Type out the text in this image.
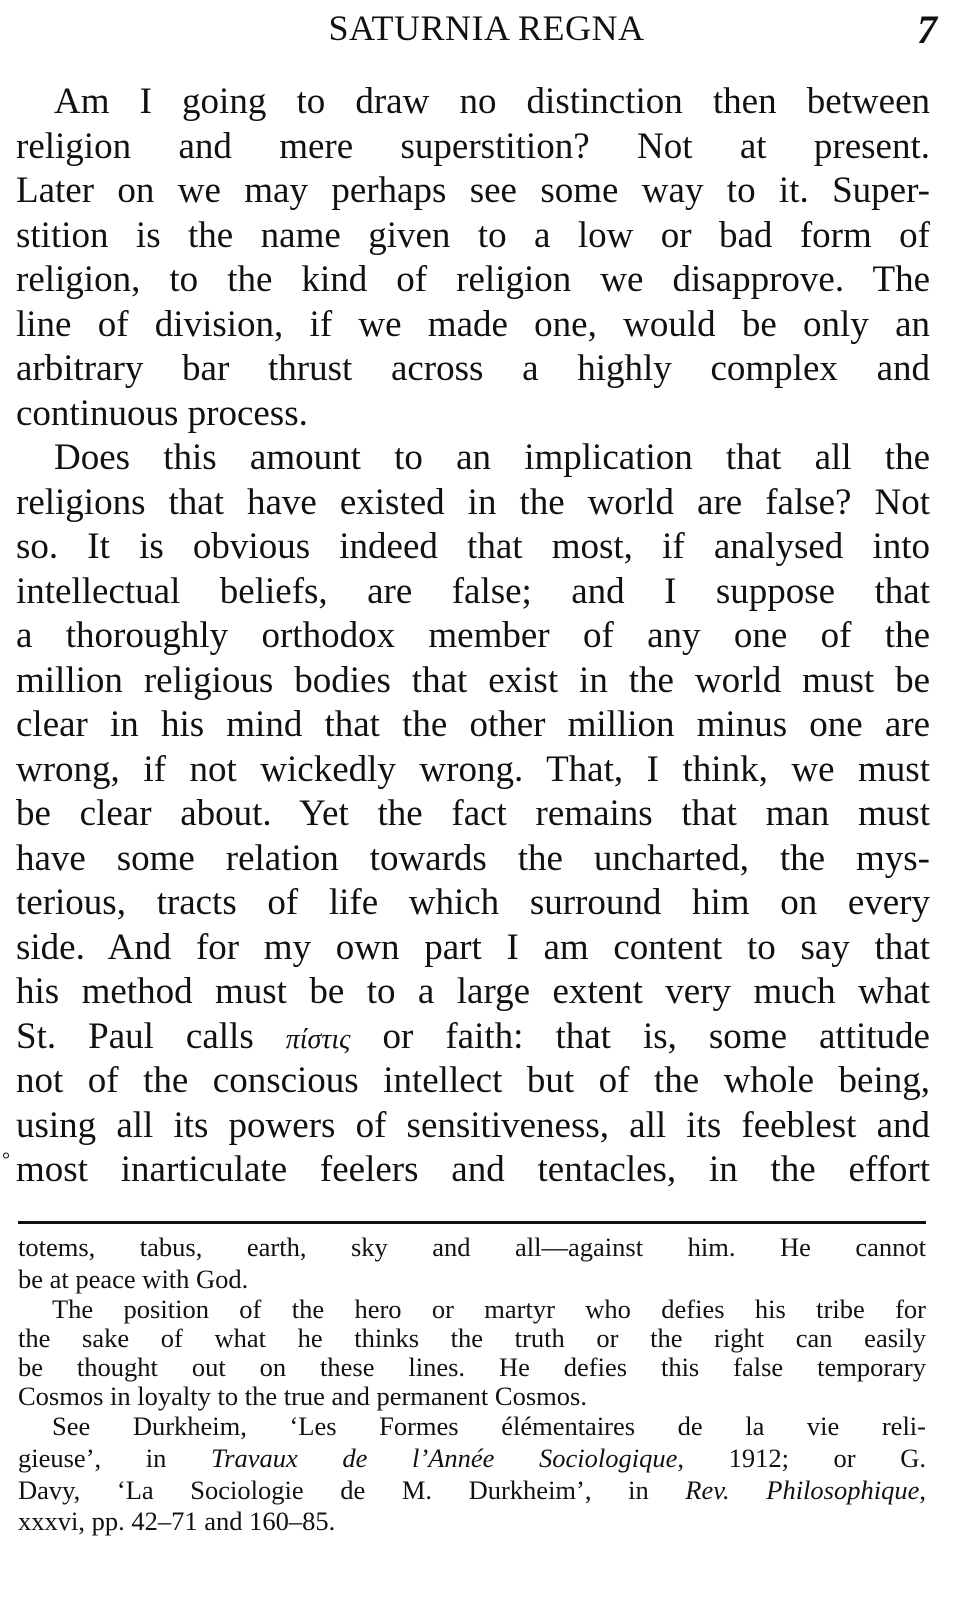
SATURNIA REGNA	7
Am I going to draw no distinction then between
religion and mere superstition? Not at present.
Later on we may perhaps see some way to it. Super-
stition is the name given to a low or bad form of
religion, to the kind of religion we disapprove. The
line of division, if we made one, would be only an
arbitrary bar thrust across a highly complex and
continuous process.
Does this amount to an implication that all the
religions that have existed in the world are false? Not
so. It is obvious indeed that most, if analysed into
intellectual beliefs, are false; and I suppose that
a thoroughly orthodox member of any one of the
million religious bodies that exist in the world must be
clear in his mind that the other million minus one are
wrong, if not wickedly wrong. That, I think, we must
be clear about. Yet the fact remains that man must
have some relation towards the uncharted, the mys-
terious, tracts of life which surround him on every
side. And for my own part I am content to say that
his method must be to a large extent very much what
St. Paul calls πίστις or faith: that is, some attitude
not of the conscious intellect but of the whole being,
using all its powers of sensitiveness, all its feeblest and
most inarticulate feelers and tentacles, in the effort
°
totems, tabus, earth, sky and all—against him. He cannot
be at peace with God.
The position of the hero or martyr who defies his tribe for
the sake of what he thinks the truth or the right can easily
be thought out on these lines. He defies this false temporary
Cosmos in loyalty to the true and permanent Cosmos.
See Durkheim, ‘Les Formes élémentaires de la vie reli-
gieuse’, in Travaux de l’Année Sociologique, 1912; or G.
Davy, ‘La Sociologie de M. Durkheim’, in Rev. Philosophique,
xxxvi, pp. 42–71 and 160–85.
